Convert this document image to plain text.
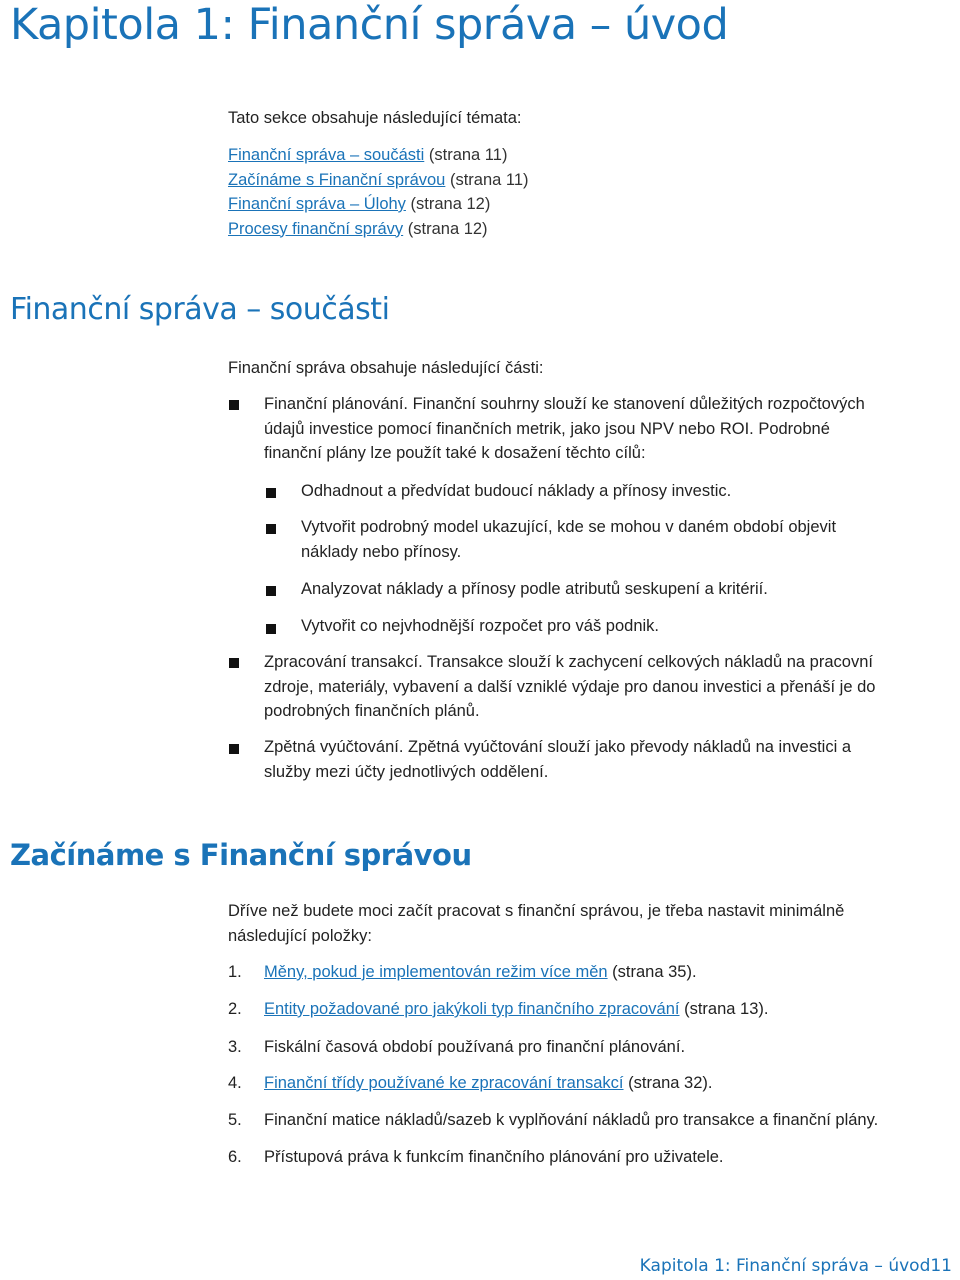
Kapitola 1: Finanční správa – úvod
Tato sekce obsahuje následující témata:
Finanční správa – součásti (strana 11)
Začínáme s Finanční správou (strana 11)
Finanční správa – Úlohy (strana 12)
Procesy finanční správy (strana 12)
Finanční správa – součásti
Finanční správa obsahuje následující části:
Finanční plánování. Finanční souhrny slouží ke stanovení důležitých rozpočtových
údajů investice pomocí finančních metrik, jako jsou NPV nebo ROI. Podrobné
finanční plány lze použít také k dosažení těchto cílů:
Odhadnout a předvídat budoucí náklady a přínosy investic.
Vytvořit podrobný model ukazující, kde se mohou v daném období objevit
náklady nebo přínosy.
Analyzovat náklady a přínosy podle atributů seskupení a kritérií.
Vytvořit co nejvhodnější rozpočet pro váš podnik.
Zpracování transakcí. Transakce slouží k zachycení celkových nákladů na pracovní
zdroje, materiály, vybavení a další vzniklé výdaje pro danou investici a přenáší je do
podrobných finančních plánů.
Zpětná vyúčtování. Zpětná vyúčtování slouží jako převody nákladů na investici a
služby mezi účty jednotlivých oddělení.
Začínáme s Finanční správou
Dříve než budete moci začít pracovat s finanční správou, je třeba nastavit minimálně
následující položky:
1. Měny, pokud je implementován režim více měn (strana 35).
2. Entity požadované pro jakýkoli typ finančního zpracování (strana 13).
3. Fiskální časová období používaná pro finanční plánování.
4. Finanční třídy používané ke zpracování transakcí (strana 32).
5. Finanční matice nákladů/sazeb k vyplňování nákladů pro transakce a finanční plány.
6. Přístupová práva k funkcím finančního plánování pro uživatele.
Kapitola 1: Finanční správa – úvod11
